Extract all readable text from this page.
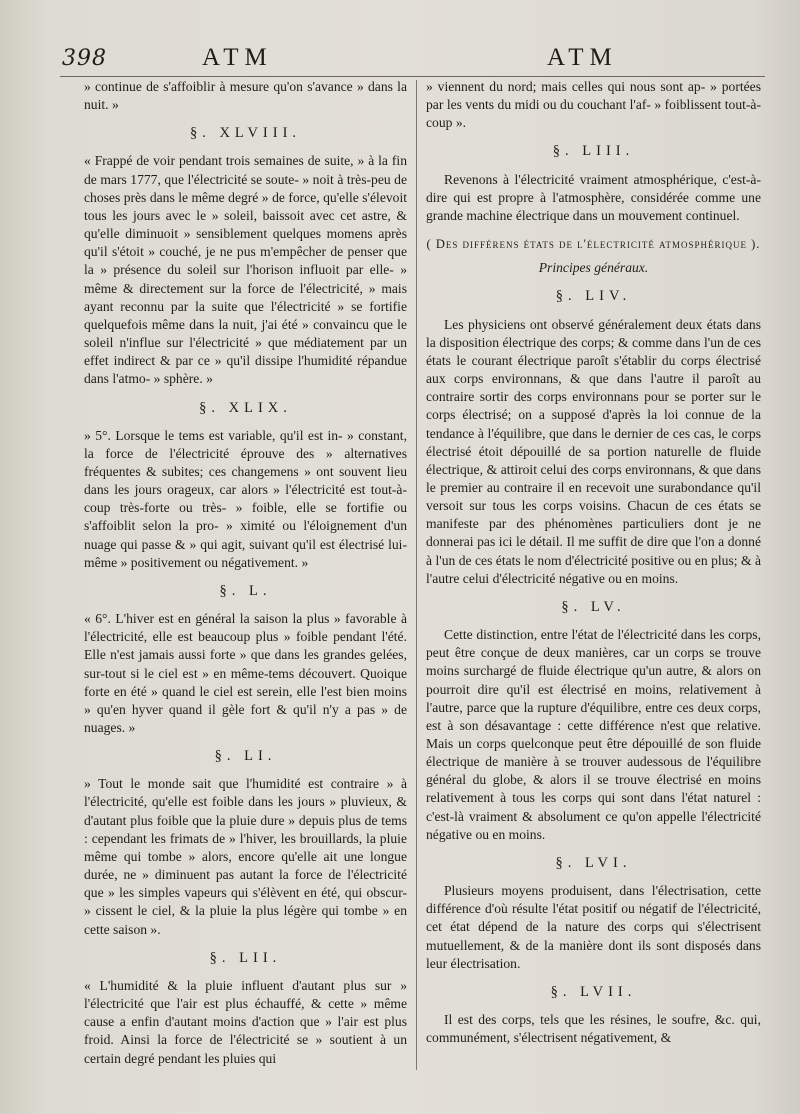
398	ATM	ATM

» continue de s'affoiblir à mesure qu'on s'avance » dans la nuit. »

§. XLVIII.

« Frappé de voir pendant trois semaines de suite, » à la fin de mars 1777, que l'électricité se soute- » noit à très-peu de choses près dans le même degré » de force, qu'elle s'élevoit tous les jours avec le » soleil, baissoit avec cet astre, & qu'elle diminuoit » sensiblement quelques momens après qu'il s'étoit » couché, je ne pus m'empêcher de penser que la » présence du soleil sur l'horison influoit par elle- » même & directement sur la force de l'électricité, » mais ayant reconnu par la suite que l'électricité » se fortifie quelquefois même dans la nuit, j'ai été » convaincu que le soleil n'influe sur l'électricité » que médiatement par un effet indirect & par ce » qu'il dissipe l'humidité répandue dans l'atmo- » sphère. »

§. XLIX.

» 5°. Lorsque le tems est variable, qu'il est in- » constant, la force de l'électricité éprouve des » alternatives fréquentes & subites; ces changemens » ont souvent lieu dans les jours orageux, car alors » l'électricité est tout-à-coup très-forte ou très- » foible, elle se fortifie ou s'affoiblit selon la pro- » ximité ou l'éloignement d'un nuage qui passe & » qui agit, suivant qu'il est électrisé lui-même » positivement ou négativement. »

§. L.

« 6°. L'hiver est en général la saison la plus » favorable à l'électricité, elle est beaucoup plus » foible pendant l'été. Elle n'est jamais aussi forte » que dans les grandes gelées, sur-tout si le ciel est » en même-tems découvert. Quoique forte en été » quand le ciel est serein, elle l'est bien moins » qu'en hyver quand il gèle fort & qu'il n'y a pas » de nuages. »

§. LI.

» Tout le monde sait que l'humidité est contraire » à l'électricité, qu'elle est foible dans les jours » pluvieux, & d'autant plus foible que la pluie dure » depuis plus de tems : cependant les frimats de » l'hiver, les brouillards, la pluie même qui tombe » alors, encore qu'elle ait une longue durée, ne » diminuent pas autant la force de l'électricité que » les simples vapeurs qui s'élèvent en été, qui obscur- » cissent le ciel, & la pluie la plus légère qui tombe » en cette saison ».

§. LII.

« L'humidité & la pluie influent d'autant plus sur » l'électricité que l'air est plus échauffé, & cette » même cause a enfin d'autant moins d'action que » l'air est plus froid. Ainsi la force de l'électricité se » soutient à un certain degré pendant les pluies qui

» viennent du nord; mais celles qui nous sont ap- » portées par les vents du midi ou du couchant l'af- » foiblissent tout-à-coup ».

§. LIII.

Revenons à l'électricité vraiment atmosphérique, c'est-à-dire qui est propre à l'atmosphère, considérée comme une grande machine électrique dans un mouvement continuel.

( Des différens états de l'électricité atmosphérique ).

Principes généraux.

§. LIV.

Les physiciens ont observé généralement deux états dans la disposition électrique des corps; & comme dans l'un de ces états le courant électrique paroît s'établir du corps électrisé aux corps environnans, & que dans l'autre il paroît au contraire sortir des corps environnans pour se porter sur le corps électrisé; on a supposé d'après la loi connue de la tendance à l'équilibre, que dans le dernier de ces cas, le corps électrisé étoit dépouillé de sa portion naturelle de fluide électrique, & attiroit celui des corps environnans, & que dans le premier au contraire il en recevoit une surabondance qu'il versoit sur tous les corps voisins. Chacun de ces états se manifeste par des phénomènes particuliers dont je ne donnerai pas ici le détail. Il me suffit de dire que l'on a donné à l'un de ces états le nom d'électricité positive ou en plus; & à l'autre celui d'électricité négative ou en moins.

§. LV.

Cette distinction, entre l'état de l'électricité dans les corps, peut être conçue de deux manières, car un corps se trouve moins surchargé de fluide électrique qu'un autre, & alors on pourroit dire qu'il est électrisé en moins, relativement à l'autre, parce que la rupture d'équilibre, entre ces deux corps, est à son désavantage : cette différence n'est que relative. Mais un corps quelconque peut être dépouillé de son fluide électrique de manière à se trouver audessous de l'équilibre général du globe, & alors il se trouve électrisé en moins relativement à tous les corps qui sont dans l'état naturel : c'est-là vraiment & absolument ce qu'on appelle l'électricité négative ou en moins.

§. LVI.

Plusieurs moyens produisent, dans l'électrisation, cette différence d'où résulte l'état positif ou négatif de l'électricité, cet état dépend de la nature des corps qui s'électrisent mutuellement, & de la manière dont ils sont disposés dans leur électrisation.

§. LVII.

Il est des corps, tels que les résines, le soufre, &c. qui, communément, s'électrisent négativement, &
